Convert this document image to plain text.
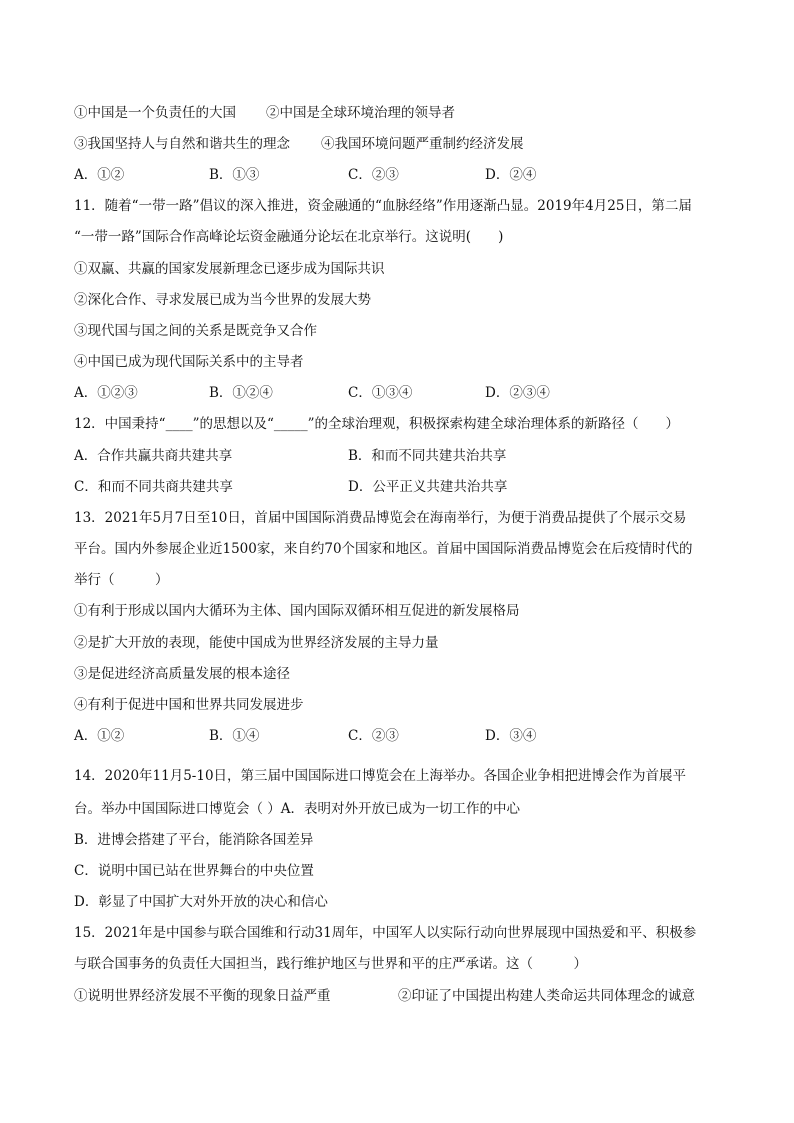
①中国是一个负责任的大国 ②中国是全球环境治理的领导者
③我国坚持人与自然和谐共生的理念 ④我国环境问题严重制约经济发展
A．①②	B．①③	C．②③	D．②④
11．随着“一带一路”倡议的深入推进，资金融通的“血脉经络”作用逐渐凸显。2019年4月25日，第二届
“一带一路”国际合作高峰论坛资金融通分论坛在北京举行。这说明(　　)
①双赢、共赢的国家发展新理念已逐步成为国际共识
②深化合作、寻求发展已成为当今世界的发展大势
③现代国与国之间的关系是既竞争又合作
④中国已成为现代国际关系中的主导者
A．①②③	B．①②④	C．①③④	D．②③④
12．中国秉持“____”的思想以及“_____”的全球治理观，积极探索构建全球治理体系的新路径（　　）
A．合作共赢共商共建共享	B．和而不同共建共治共享
C．和而不同共商共建共享	D．公平正义共建共治共享
13．2021年5月7日至10日，首届中国国际消费品博览会在海南举行，为便于消费品提供了个展示交易
平台。国内外参展企业近1500家，来自约70个国家和地区。首届中国国际消费品博览会在后疫情时代的
举行（　　　）
①有利于形成以国内大循环为主体、国内国际双循环相互促进的新发展格局
②是扩大开放的表现，能使中国成为世界经济发展的主导力量
③是促进经济高质量发展的根本途径
④有利于促进中国和世界共同发展进步
A．①②	B．①④	C．②③	D．③④
14．2020年11月5-10日，第三届中国国际进口博览会在上海举办。各国企业争相把进博会作为首展平
台。举办中国国际进口博览会（ ）A．表明对外开放已成为一切工作的中心
B．进博会搭建了平台，能消除各国差异
C．说明中国已站在世界舞台的中央位置
D．彰显了中国扩大对外开放的决心和信心
15．2021年是中国参与联合国维和行动31周年，中国军人以实际行动向世界展现中国热爱和平、积极参
与联合国事务的负责任大国担当，践行维护地区与世界和平的庄严承诺。这（　　　）
①说明世界经济发展不平衡的现象日益严重	②印证了中国提出构建人类命运共同体理念的诚意
